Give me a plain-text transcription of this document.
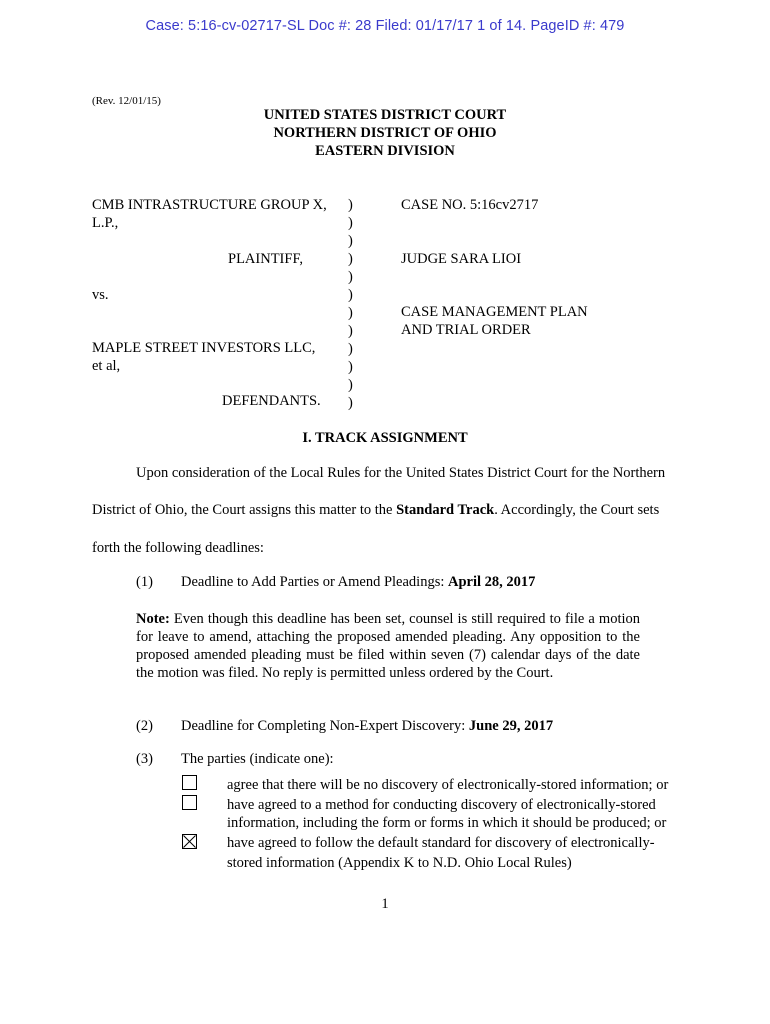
Case: 5:16-cv-02717-SL Doc #: 28 Filed: 01/17/17 1 of 14. PageID #: 479
(Rev. 12/01/15)
UNITED STATES DISTRICT COURT
NORTHERN DISTRICT OF OHIO
EASTERN DIVISION
CMB INTRASTRUCTURE GROUP X,
L.P.,
PLAINTIFF,
vs.
MAPLE STREET INVESTORS LLC,
et al,
DEFENDANTS.
)
)
)
)
)
)
)
)
)
)
)
)
CASE NO. 5:16cv2717
JUDGE SARA LIOI
CASE MANAGEMENT PLAN
AND TRIAL ORDER
I. TRACK ASSIGNMENT
Upon consideration of the Local Rules for the United States District Court for the Northern
District of Ohio, the Court assigns this matter to the Standard Track. Accordingly, the Court sets
forth the following deadlines:
(1) Deadline to Add Parties or Amend Pleadings: April 28, 2017
Note: Even though this deadline has been set, counsel is still required to file a motion for leave to amend, attaching the proposed amended pleading. Any opposition to the proposed amended pleading must be filed within seven (7) calendar days of the date the motion was filed. No reply is permitted unless ordered by the Court.
(2) Deadline for Completing Non-Expert Discovery: June 29, 2017
(3) The parties (indicate one):
agree that there will be no discovery of electronically-stored information; or
have agreed to a method for conducting discovery of electronically-stored
information, including the form or forms in which it should be produced; or
have agreed to follow the default standard for discovery of electronically-
stored information (Appendix K to N.D. Ohio Local Rules)
1
